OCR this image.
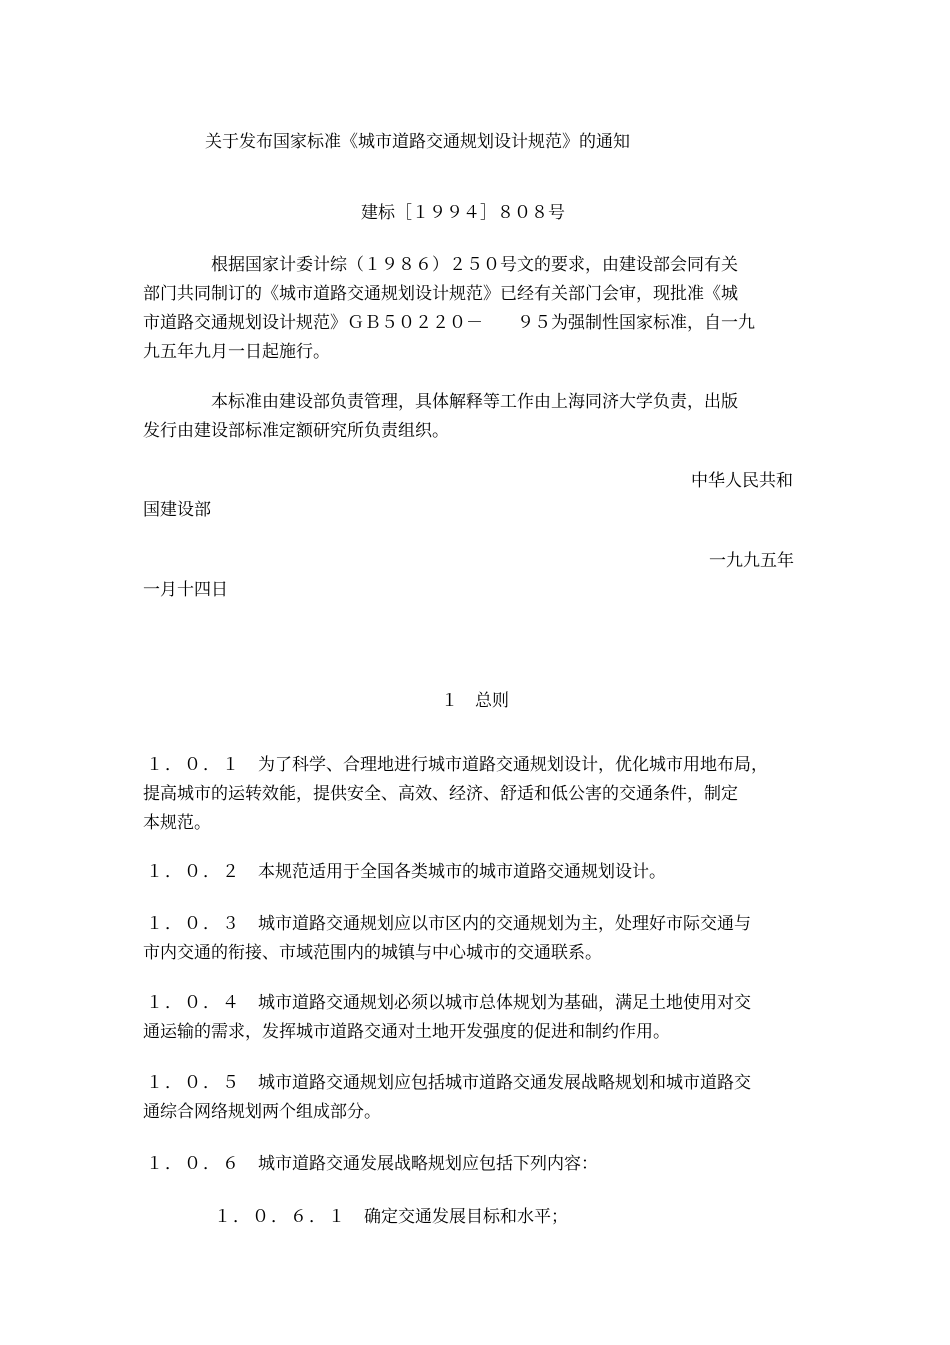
关于发布国家标准《城市道路交通规划设计规范》的通知
建标［１９９４］８０８号
根据国家计委计综（１９８６）２５０号文的要求，由建设部会同有关
部门共同制订的《城市道路交通规划设计规范》已经有关部门会审，现批准《城
市道路交通规划设计规范》ＧＢ５０２２０－　　９５为强制性国家标准，自一九
九五年九月一日起施行。
本标准由建设部负责管理，具体解释等工作由上海同济大学负责，出版
发行由建设部标准定额研究所负责组织。
中华人民共和
国建设部
一九九五年
一月十四日
１　总则
１．０．１　 为了科学、合理地进行城市道路交通规划设计，优化城市用地布局，
提高城市的运转效能，提供安全、高效、经济、舒适和低公害的交通条件，制定
本规范。
１．０．２　 本规范适用于全国各类城市的城市道路交通规划设计。
１．０．３　 城市道路交通规划应以市区内的交通规划为主，处理好市际交通与
市内交通的衔接、市域范围内的城镇与中心城市的交通联系。
１．０．４　 城市道路交通规划必须以城市总体规划为基础，满足土地使用对交
通运输的需求，发挥城市道路交通对土地开发强度的促进和制约作用。
１．０．５　 城市道路交通规划应包括城市道路交通发展战略规划和城市道路交
通综合网络规划两个组成部分。
１．０．６　 城市道路交通发展战略规划应包括下列内容：
１．０．６．１　 确定交通发展目标和水平；
